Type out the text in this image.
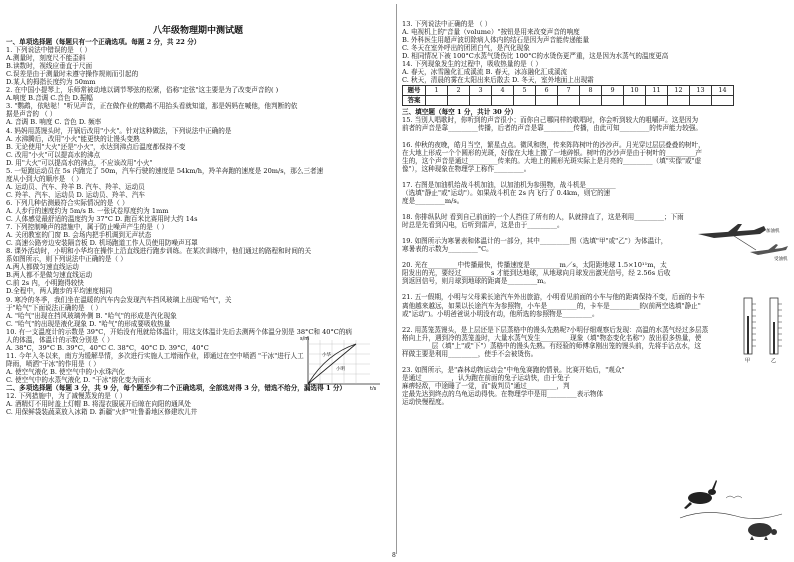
八年级物理期中测试题
一、单项选择题（每题只有一个正确选项。每题 2 分，共 22 分）
1. 下列说法中错误的是 （ ）
A.测量时，刻度尺不能歪斜
B.读数时，视线应垂直于尺面
C.误差是由于测量时未遵守操作规则而引起的
D.某人的拇指长度约为 50mm
2. 在中国小提琴上，乐师常被动地以调节琴弦的松紧，俗称"定弦"这主要是为了改变声音的( )
A.响度 B.音调 C.音色 D.振幅
3. "鹦鹉，依哒哒！"听见声音，正在做作业的鹦鹉不用抬头看就知道，那是妈妈在喊他，他判断的依
据是声音的 （ ）
A. 音调 B. 响度 C. 音色 D. 频率
4. 妈妈用蒸馒头时，开锅后改用"小火"。针对这种做法，下列说法中正确的是
A. 水沸腾后，改用"小火"能更快的让馒头变熟
B. 无论使用"大火"还是"小火"，水达到沸点后温度都保持不变
C. 改用"小火"可以提高水的沸点
D. 用"大火"可以提高水的沸点，不应该改用"小火"
5. 一短跑运动员在 5s 内跑完了 50m，汽车行驶的速度是 54km/h，羚羊奔跑的速度是 20m/s，那么三者速
度从小到大的顺序是 （ ）
A. 运动员、汽车、羚羊 B. 汽车、羚羊、运动员
C. 羚羊、汽车、运动员 D. 运动员、羚羊、汽车
6. 下列几种估测最符合实际情况的是（ ）
A. 人步行的速度约为 5m/s B. 一张试卷厚度约为 1mm
C. 人体感觉最舒适的温度约为 37°C D. 跑百米比赛用时大约 14s
7. 下列控制噪声的措施中，属于防止噪声产生的是（ ）
A. 关闭教室的门窗 B. 会场内把手机调到无声状态
C. 高速公路旁边安装隔音板 D. 机场跑道工作人员使用防噪声耳罩
8. 课外活动时，小明和小华均在操作上沿直线进行跑步训练。在某次训练中，他们通过的路程和时间的关
系如图所示，则下列说法中正确的是（ ）
A.两人都做匀速直线运动
B.两人都不是做匀速直线运动
C.前 2s 内，小明跑得较快
D.全程中，两人跑步的平均速度相同
9. 寒冷的冬季，我们坐在温暖的汽车内会发现汽车挡风玻璃上出现"哈气"，关
于"哈气"下面说法正确的是 （ ）
A. "哈气"出现在挡风玻璃外侧 B. "哈气"的形成是汽化现象
C. "哈气"的出现是液化现象 D. "哈气"的形成要吸收热量
10. 有一支温度计的示数是 39°C，开始没有甩就给体温计，用这支体温计先后去测两个体温分别是 38°C和 40°C的病
人的体温，体温计的示数分别是（ ）
A. 38°C，39°C B. 39°C，40°C C. 38°C，40°C D. 39°C，40°C
11. 今年入冬以来，南方为缓解旱情，多次进行实施人工增雨作业，即通过在空中喷洒 "干冰"进行人工
降雨，喷洒"干冰"的作用是（ ）
A. 使空气液化 B. 使空气中的小水珠汽化
C. 使空气中的水蒸气液化 D. "干冰"熔化变为雨水
二、多项选择题（每题 3 分，共 9 分，每个题至少有二个正确选项，全部选对得 3 分，错选不给分，漏选得 1 分）
12. 下列措施中，为了减慢蒸发的是（ ）
A. 酒精灯不用时盖上灯帽 B. 将湿衣服展开后晾在向阳的通风处
C. 用保鲜袋装蔬菜放入冰箱 D. 新疆"火炉"吐鲁番地区修建坎儿井
13. 下列说法中正确的是 （ ）
A. 电视机上的"音量（volume）"按钮是用来改变声音的响度
B. 外科医生用超声波切除病人体内的结石是因为声音能传递能量
C. 冬天在室外呼出的团团白气，是汽化现象
D. 相同情况下被 100°C水蒸气烫伤比 100°C的水烫伤更严重，这是因为水蒸气的温度更高
14. 下列现象发生的过程中，吸收热量的是（ ）
A. 春天，冰雪融化汇成溪流 B. 春天，冰冻融化汇成溪流
C. 秋天，清晨的雾在太阳出来后散去 D. 冬天，室外地面上出现霜
题号	1	2	3	4	5	6	7	8	9	10	11	12	13	14
答案														
三、填空题（每空 1 分，共计 30 分）
15. 当别人唱歌时，你听到的声音很小；而你自己哪同样的歌唱时，你会听到较大的咀嚼声。这是因为
前者的声音是靠_________传播，后者的声音是靠_________传播，由此可知_________的传声能力较强。
16. 仲秋的夜晚，皓月当空，繁星点点。微风和煦，传来阵阵树叶的沙沙声。月光穿过层层叠叠的树叶，
在大地上形成一个个圆形的光斑，好像在大地上撒了一地碎银。树叶的沙沙声是由于树叶的_________产
生的，这个声音是通过_________传来的。大地上的圆形光斑实际上是月亮的_________（填"实像"或"虚
像"），这种现象在物理学上称作_________。
17. 右图是加油机给战斗机加油，以加油机为参照物，战斗机是_________
（选填"静止"或"运动"）。如果战斗机在 2s 内飞行了 0.4km，则它的速
度是_________m/s。
18. 你排纵队时 看到自己前面的一个人挡住了所有的人，队就排直了，这是利用_________；下雨
时总是先看到闪电，后听到雷声，这是由于_________。
19. 如图所示为寒暑表和体温计的一部分，其中_________图（选填"甲"或"乙"）为体温计，
寒暑表的示数为_________°C。
20. 光在_________中传播最快，传播速度是_________m／s，太阳距地球 1.5×10¹¹m，太
阳发出的光，要经过_________s 才能到达地球，从地球向月球发出激光信号，经 2.56s 后收
到返回信号，则月球到地球的距离是_________m。
21. 五一假期，小明与父母乘长途汽车外出旅游，小明看见前面的小车与他的距离保持不变，后面的卡车
离他越来越远，如果以长途汽车为参照物，小车是_________的，卡车是_________的(前两空选填"静止"
或"运动")。小明爸爸说小明没有动，他所选的参照物是_________。
22. 用蒸笼蒸馒头，是上层还是下层蒸格中的馒头先熟呢?小明仔细观察后发现：高温的水蒸气经过多层蒸
格向上升，遇到冷的蒸笼盖时，大量水蒸气发生_________现象（填"物态变化名称"）放出很多热量，使
_________层（填"上"或"下"）蒸格中的馒头先熟。有经验的师傅拿刚出笼的馒头前，先将手沾点水，这
样做主要是利用_________，使手不会被烫伤。
23. 如图所示，是"森林动物运动会"中龟兔赛跑的情景。比赛开始后，"观众"
是通过_________，认为跑在前面的兔子运动快，由于兔子
麻痹轻敌，中途睡了一觉，而"裁判员"通过_________，判
定最先达到终点的乌龟运动得快。在物理学中是用_________表示物体
运动快慢程度。
s/m
t/s
小华
小明
加油机
受油机
甲	乙
8
